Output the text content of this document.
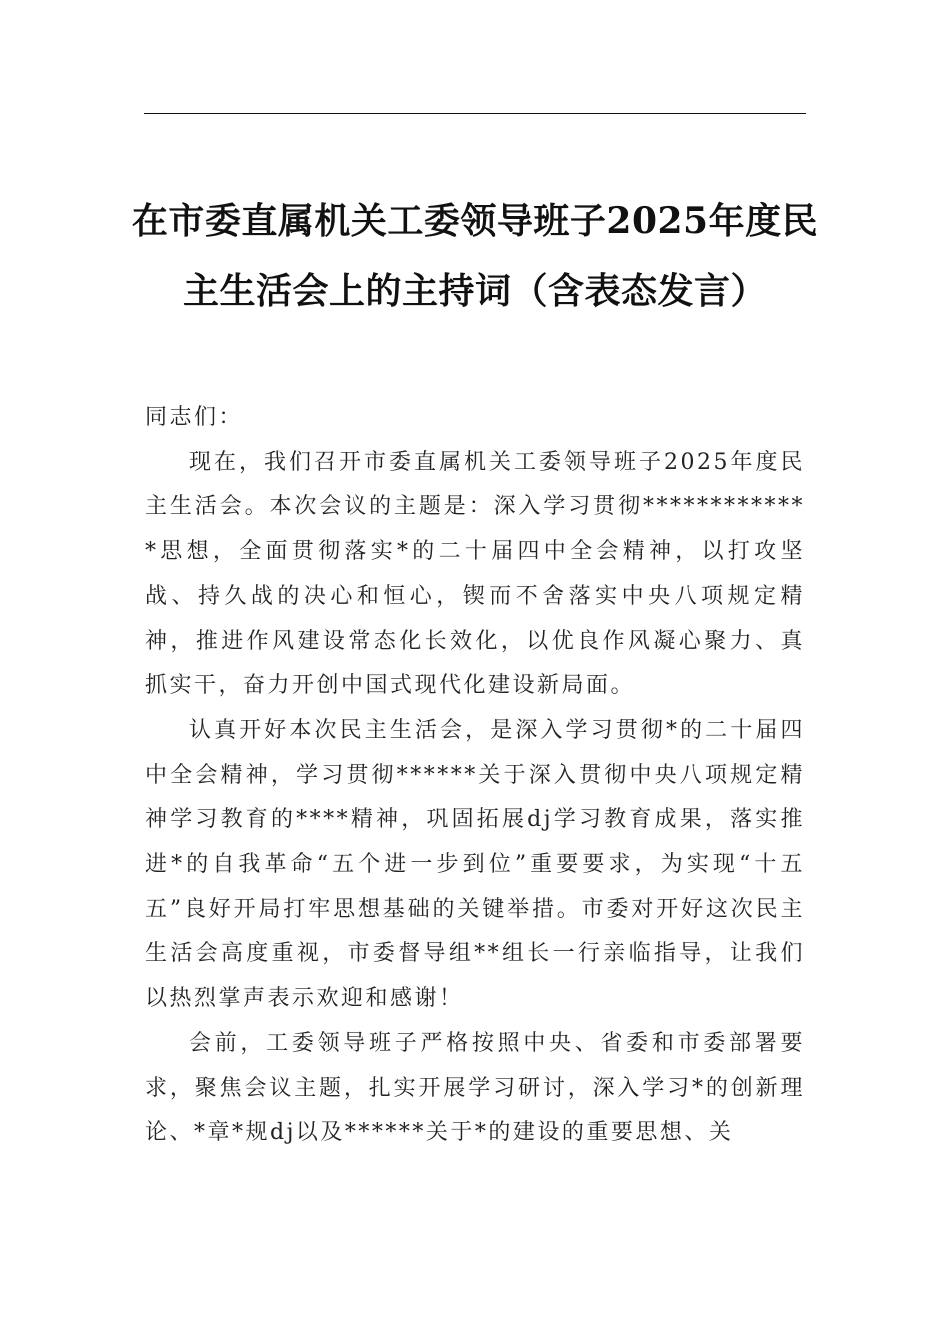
在市委直属机关工委领导班子2025年度民
主生活会上的主持词（含表态发言）

同志们：

现在，我们召开市委直属机关工委领导班子2025年度民主生活会。本次会议的主题是：深入学习贯彻*************思想，全面贯彻落实*的二十届四中全会精神，以打攻坚战、持久战的决心和恒心，锲而不舍落实中央八项规定精神，推进作风建设常态化长效化，以优良作风凝心聚力、真抓实干，奋力开创中国式现代化建设新局面。

认真开好本次民主生活会，是深入学习贯彻*的二十届四中全会精神，学习贯彻******关于深入贯彻中央八项规定精神学习教育的****精神，巩固拓展dj学习教育成果，落实推进*的自我革命“五个进一步到位”重要要求，为实现“十五五”良好开局打牢思想基础的关键举措。市委对开好这次民主生活会高度重视，市委督导组**组长一行亲临指导，让我们以热烈掌声表示欢迎和感谢！

会前，工委领导班子严格按照中央、省委和市委部署要求，聚焦会议主题，扎实开展学习研讨，深入学习*的创新理论、*章*规dj以及******关于*的建设的重要思想、关
